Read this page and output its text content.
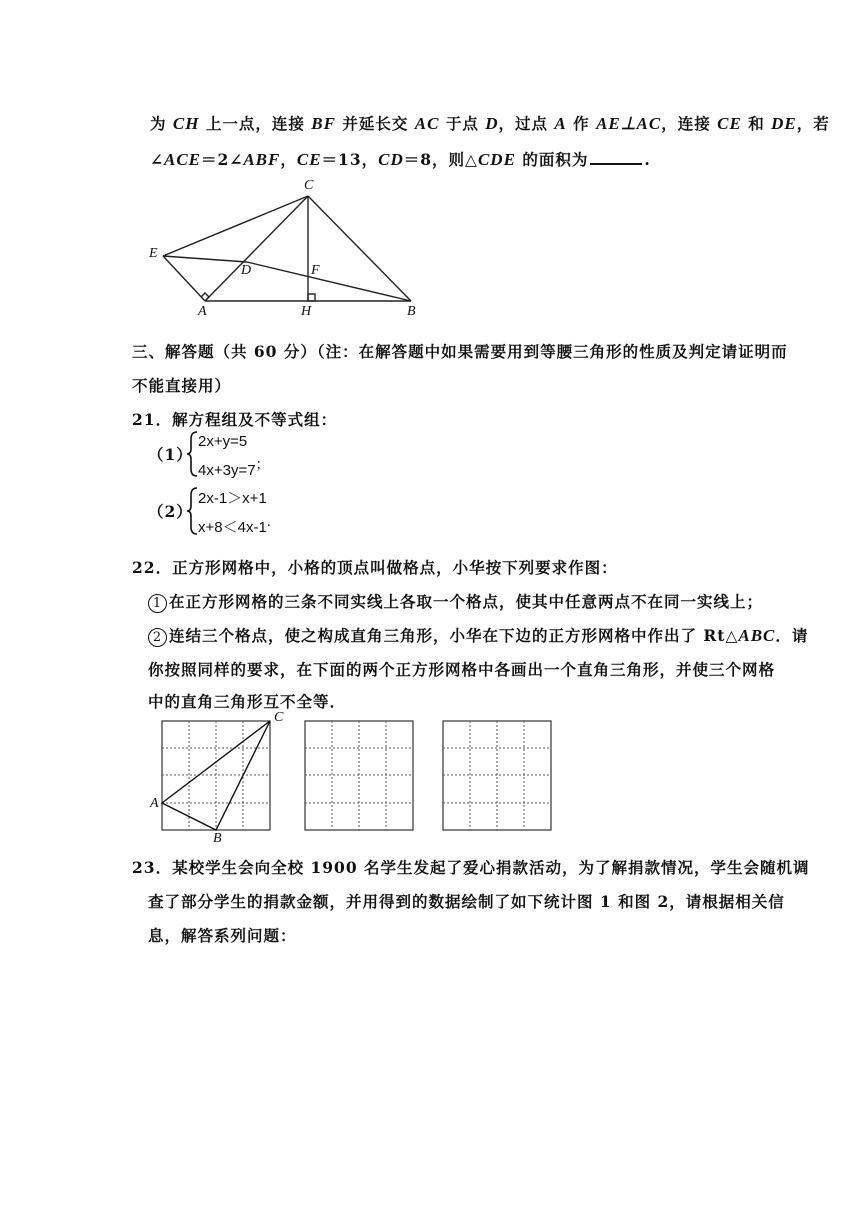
为 CH 上一点，连接 BF 并延长交 AC 于点 D，过点 A 作 AE⊥AC，连接 CE 和 DE，若
∠ACE＝2∠ABF，CE＝13，CD＝8，则△CDE 的面积为	.
C
E
D	F
A	H	B
三、解答题（共 60 分）（注：在解答题中如果需要用到等腰三角形的性质及判定请证明而
不能直接用）
21．解方程组及不等式组：
（1）
2x+y=5
4x+3y=7；
（2）
2x-1＞x+1
x+8＜4x-1.
22．正方形网格中，小格的顶点叫做格点，小华按下列要求作图：
1 在正方形网格的三条不同实线上各取一个格点，使其中任意两点不在同一实线上；
2 连结三个格点，使之构成直角三角形，小华在下边的正方形网格中作出了 Rt△ABC．请
你按照同样的要求，在下面的两个正方形网格中各画出一个直角三角形，并使三个网格
中的直角三角形互不全等．
A
B
C
23．某校学生会向全校 1900 名学生发起了爱心捐款活动，为了解捐款情况，学生会随机调
查了部分学生的捐款金额，并用得到的数据绘制了如下统计图 1 和图 2，请根据相关信
息，解答系列问题：
